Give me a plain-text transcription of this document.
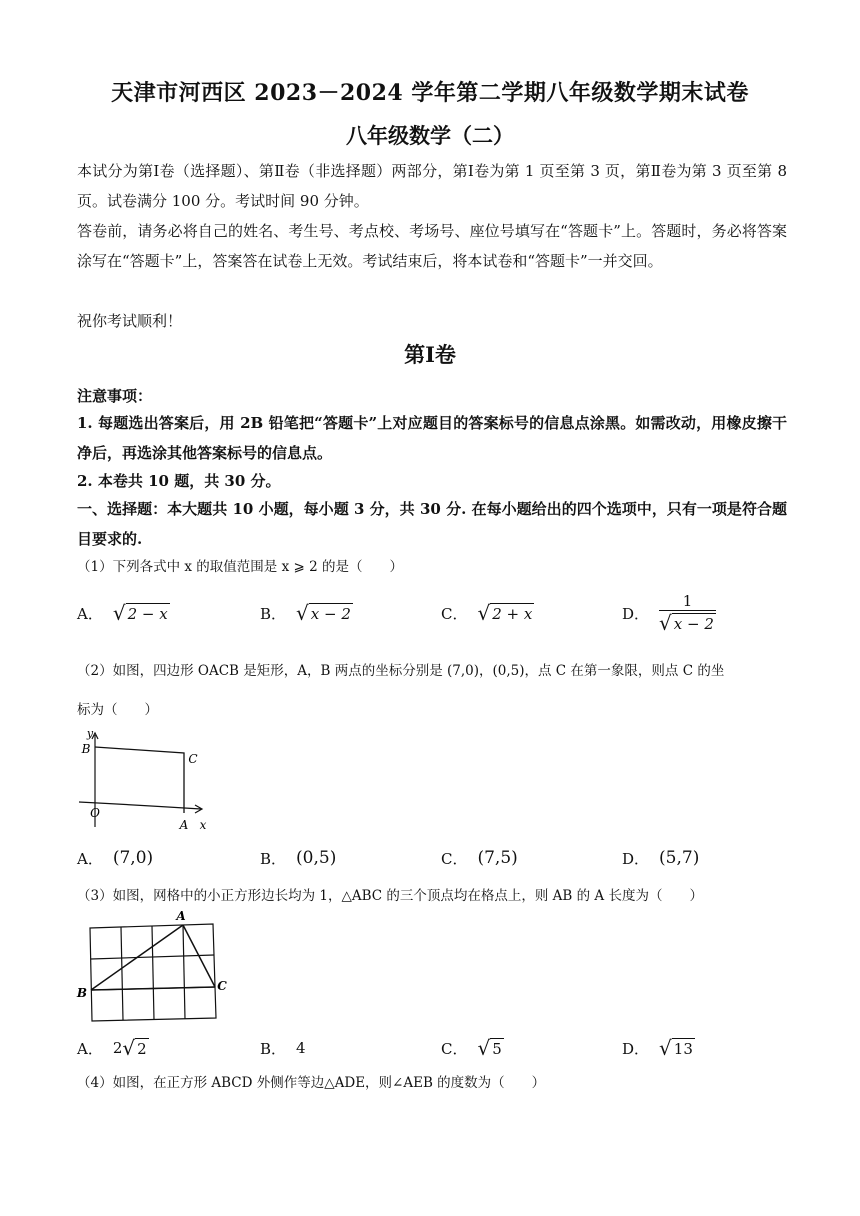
天津市河西区 2023－2024 学年第二学期八年级数学期末试卷
八年级数学（二）
本试分为第Ⅰ卷（选择题）、第Ⅱ卷（非选择题）两部分，第Ⅰ卷为第 1 页至第 3 页，第Ⅱ卷为第 3 页至第 8 页。试卷满分 100 分。考试时间 90 分钟。
答卷前，请务必将自己的姓名、考生号、考点校、考场号、座位号填写在“答题卡”上。答题时，务必将答案涂写在“答题卡”上，答案答在试卷上无效。考试结束后，将本试卷和“答题卡”一并交回。
祝你考试顺利！
第Ⅰ卷
注意事项：
1. 每题选出答案后，用 2B 铅笔把“答题卡”上对应题目的答案标号的信息点涂黑。如需改动，用橡皮擦干净后，再选涂其他答案标号的信息点。
2. 本卷共 10 题，共 30 分。
一、选择题：本大题共 10 小题，每小题 3 分，共 30 分. 在每小题给出的四个选项中，只有一项是符合题目要求的.
（1）下列各式中 x 的取值范围是 x ⩾ 2 的是（　　）
A． √ 2 − x	B． √ x − 2	C． √ 2 + x	D． $\frac{1}{√ x - 2}$
（2）如图，四边形 OACB 是矩形，A，B 两点的坐标分别是 (7,0)，(0,5)，点 C 在第一象限，则点 C 的坐
标为（　　）
y
B
C
O
A x
A． (7,0)	B． (0,5)	C． (7,5)	D． (5,7)
（3）如图，网格中的小正方形边长均为 1，△ABC 的三个顶点均在格点上，则 AB 的 A 长度为（　　）
A
B	C
A． 2 √ 2	B． 4	C． √ 5	D． √ 13
（4）如图，在正方形 ABCD 外侧作等边△ADE，则∠AEB 的度数为（　　）
